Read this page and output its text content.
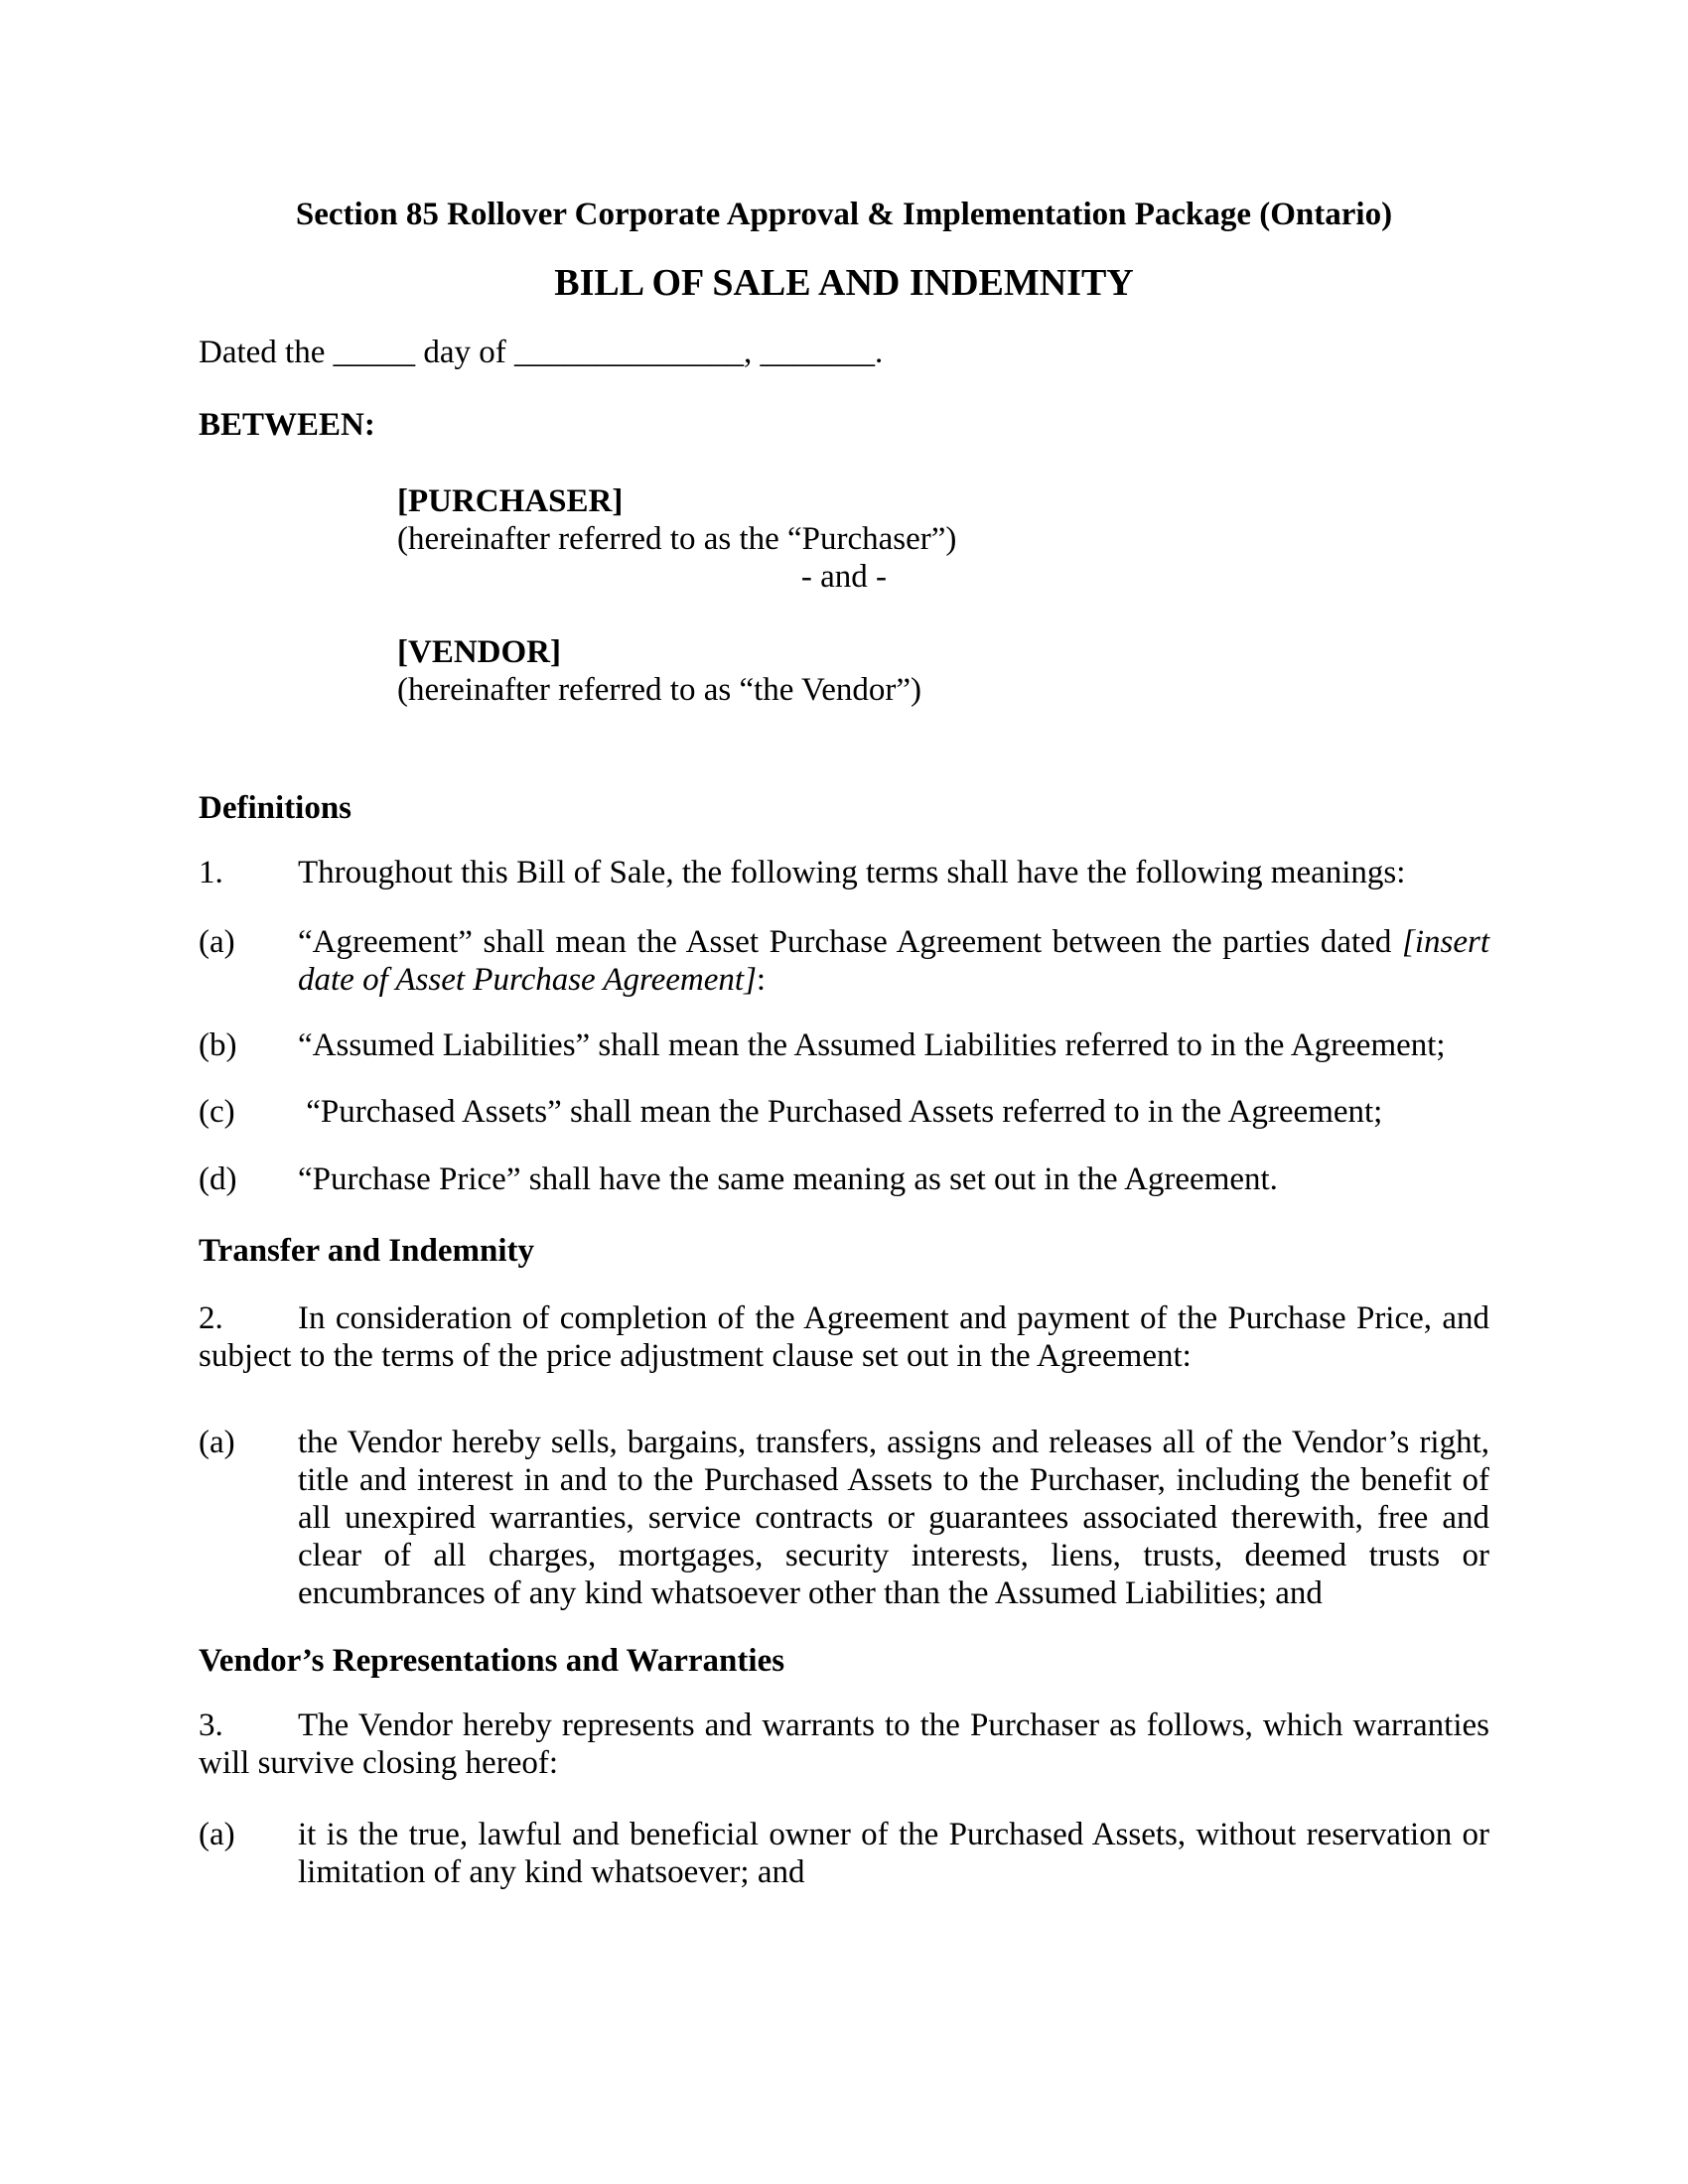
Section 85 Rollover Corporate Approval & Implementation Package (Ontario)
BILL OF SALE AND INDEMNITY
Dated the _____ day of ______________, _______.
BETWEEN:
[PURCHASER]
(hereinafter referred to as the “Purchaser”)
- and -
[VENDOR]
(hereinafter referred to as “the Vendor”)
Definitions
1. Throughout this Bill of Sale, the following terms shall have the following meanings:
(a) “Agreement” shall mean the Asset Purchase Agreement between the parties dated [insert date of Asset Purchase Agreement]:
(b) “Assumed Liabilities” shall mean the Assumed Liabilities referred to in the Agreement;
(c) “Purchased Assets” shall mean the Purchased Assets referred to in the Agreement;
(d) “Purchase Price” shall have the same meaning as set out in the Agreement.
Transfer and Indemnity
2. In consideration of completion of the Agreement and payment of the Purchase Price, and subject to the terms of the price adjustment clause set out in the Agreement:
(a) the Vendor hereby sells, bargains, transfers, assigns and releases all of the Vendor’s right, title and interest in and to the Purchased Assets to the Purchaser, including the benefit of all unexpired warranties, service contracts or guarantees associated therewith, free and clear of all charges, mortgages, security interests, liens, trusts, deemed trusts or encumbrances of any kind whatsoever other than the Assumed Liabilities; and
Vendor’s Representations and Warranties
3. The Vendor hereby represents and warrants to the Purchaser as follows, which warranties will survive closing hereof:
(a) it is the true, lawful and beneficial owner of the Purchased Assets, without reservation or limitation of any kind whatsoever; and
